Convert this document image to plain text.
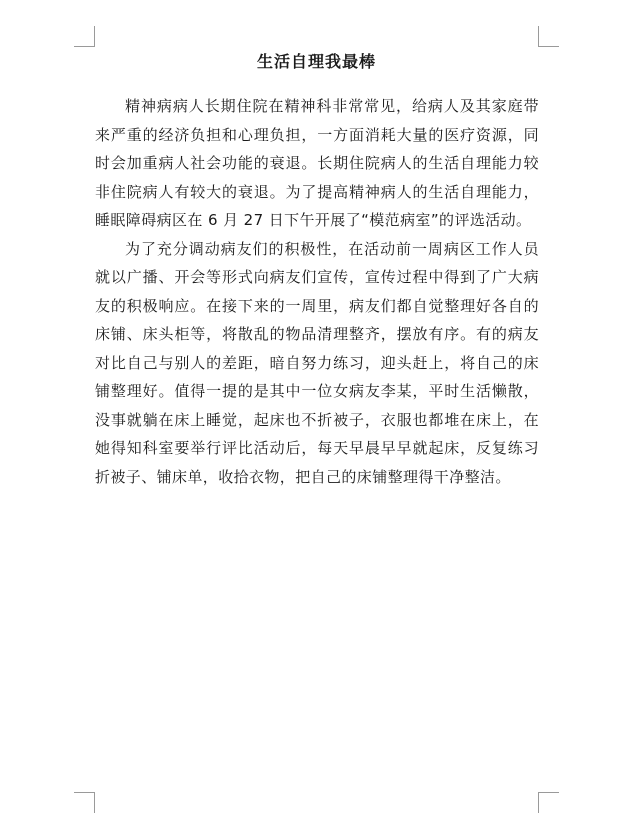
生活自理我最棒

精神病病人长期住院在精神科非常常见，给病人及其家庭带来严重的经济负担和心理负担，一方面消耗大量的医疗资源，同时会加重病人社会功能的衰退。长期住院病人的生活自理能力较非住院病人有较大的衰退。为了提高精神病人的生活自理能力，睡眠障碍病区在 6 月 27 日下午开展了“模范病室”的评选活动。

为了充分调动病友们的积极性，在活动前一周病区工作人员就以广播、开会等形式向病友们宣传，宣传过程中得到了广大病友的积极响应。在接下来的一周里，病友们都自觉整理好各自的床铺、床头柜等，将散乱的物品清理整齐，摆放有序。有的病友对比自己与别人的差距，暗自努力练习，迎头赶上，将自己的床铺整理好。值得一提的是其中一位女病友李某，平时生活懒散，没事就躺在床上睡觉，起床也不折被子，衣服也都堆在床上，在她得知科室要举行评比活动后，每天早晨早早就起床，反复练习折被子、铺床单，收拾衣物，把自己的床铺整理得干净整洁。
